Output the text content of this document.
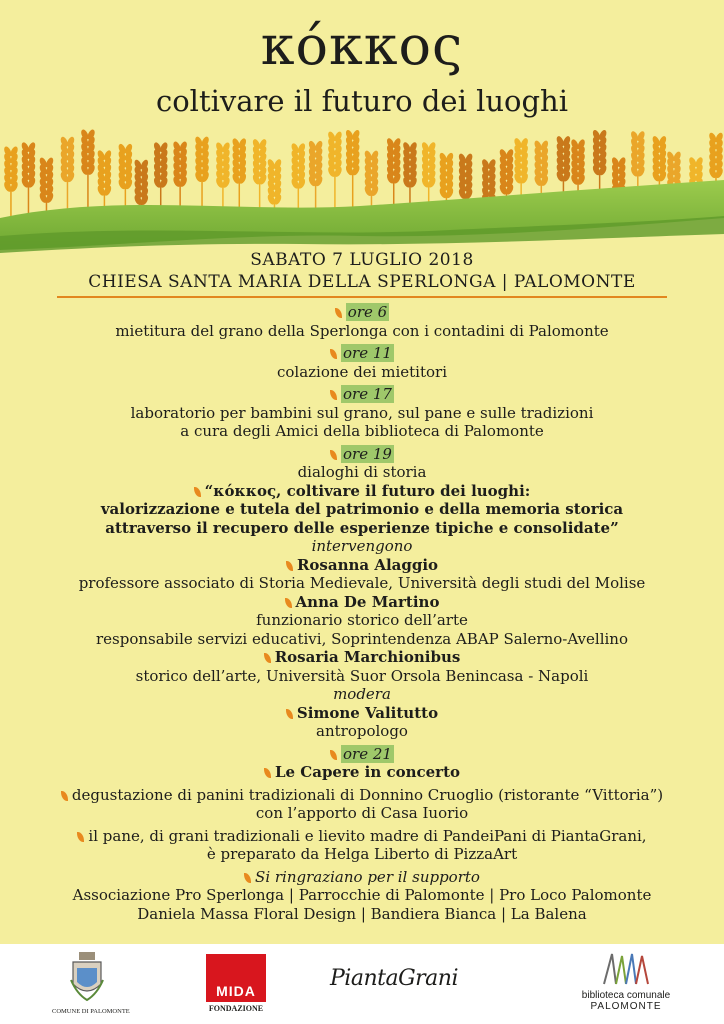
κόκκος
coltivare il futuro dei luoghi
SABATO 7 LUGLIO 2018
CHIESA SANTA MARIA DELLA SPERLONGA | PALOMONTE
ore 6
mietitura del grano della Sperlonga con i contadini di Palomonte
ore 11
colazione dei mietitori
ore 17
laboratorio per bambini sul grano, sul pane e sulle tradizioni
a cura degli Amici della biblioteca di Palomonte
ore 19
dialoghi di storia
“κόκκος, coltivare il futuro dei luoghi:
valorizzazione e tutela del patrimonio e della memoria storica
attraverso il recupero delle esperienze tipiche e consolidate”
intervengono
Rosanna Alaggio
professore associato di Storia Medievale, Università degli studi del Molise
Anna De Martino
funzionario storico dell’arte
responsabile servizi educativi, Soprintendenza ABAP Salerno-Avellino
Rosaria Marchionibus
storico dell’arte, Università Suor Orsola Benincasa - Napoli
modera
Simone Valitutto
antropologo
ore 21
Le Capere in concerto
degustazione di panini tradizionali di Donnino Cruoglio (ristorante “Vittoria”)
con l’apporto di Casa Iuorio
il pane, di grani tradizionali e lievito madre di PandeiPani di PiantaGrani,
è preparato da Helga Liberto di PizzaArt
Si ringraziano per il supporto
Associazione Pro Sperlonga | Parrocchie di Palomonte | Pro Loco Palomonte
Daniela Massa Floral Design | Bandiera Bianca | La Balena
COMUNE DI PALOMONTE
MIDA
FONDAZIONE
PiantaGrani
biblioteca comunale
PALOMONTE
